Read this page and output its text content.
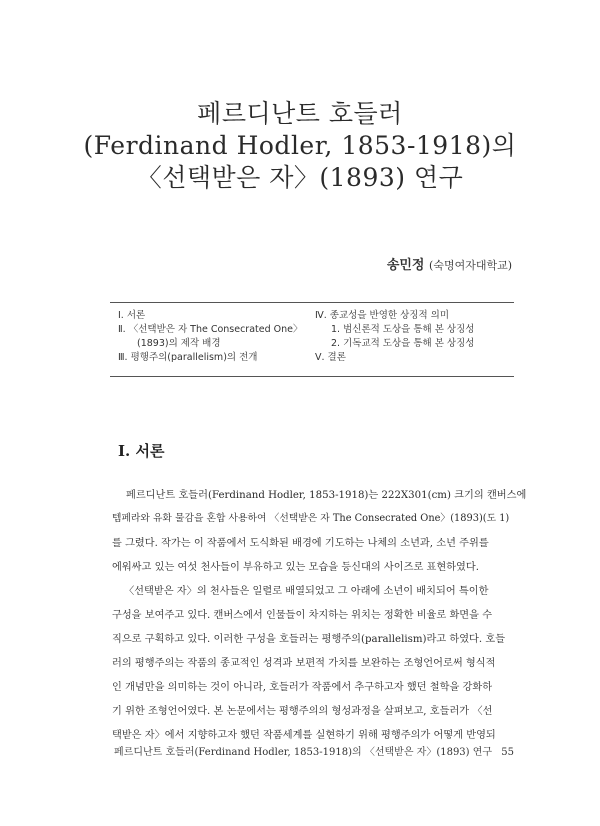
페르디난트 호들러
(Ferdinand Hodler, 1853-1918)의
〈선택받은 자〉(1893) 연구
송민정 (숙명여자대학교)
Ⅰ. 서론
Ⅱ. 〈선택받은 자 The Consecrated One〉
(1893)의 제작 배경
Ⅲ. 평행주의(parallelism)의 전개
Ⅳ. 종교성을 반영한 상징적 의미
1. 범신론적 도상을 통해 본 상징성
2. 기독교적 도상을 통해 본 상징성
Ⅴ. 결론
Ⅰ. 서론
페르디난트 호들러(Ferdinand Hodler, 1853-1918)는 222X301(cm) 크기의 캔버스에
템페라와 유화 물감을 혼합 사용하여 〈선택받은 자 The Consecrated One〉(1893)(도 1)
를 그렸다. 작가는 이 작품에서 도식화된 배경에 기도하는 나체의 소년과, 소년 주위를
에워싸고 있는 여섯 천사들이 부유하고 있는 모습을 등신대의 사이즈로 표현하였다.
〈선택받은 자〉의 천사들은 일렬로 배열되었고 그 아래에 소년이 배치되어 특이한
구성을 보여주고 있다. 캔버스에서 인물들이 차지하는 위치는 정확한 비율로 화면을 수
직으로 구획하고 있다. 이러한 구성을 호들러는 평행주의(parallelism)라고 하였다. 호들
러의 평행주의는 작품의 종교적인 성격과 보편적 가치를 보완하는 조형언어로써 형식적
인 개념만을 의미하는 것이 아니라, 호들러가 작품에서 추구하고자 했던 철학을 강화하
기 위한 조형언어였다. 본 논문에서는 평행주의의 형성과정을 살펴보고, 호들러가 〈선
택받은 자〉에서 지향하고자 했던 작품세계를 실현하기 위해 평행주의가 어떻게 반영되
페르디난트 호들러(Ferdinand Hodler, 1853-1918)의 〈선택받은 자〉(1893) 연구 55
